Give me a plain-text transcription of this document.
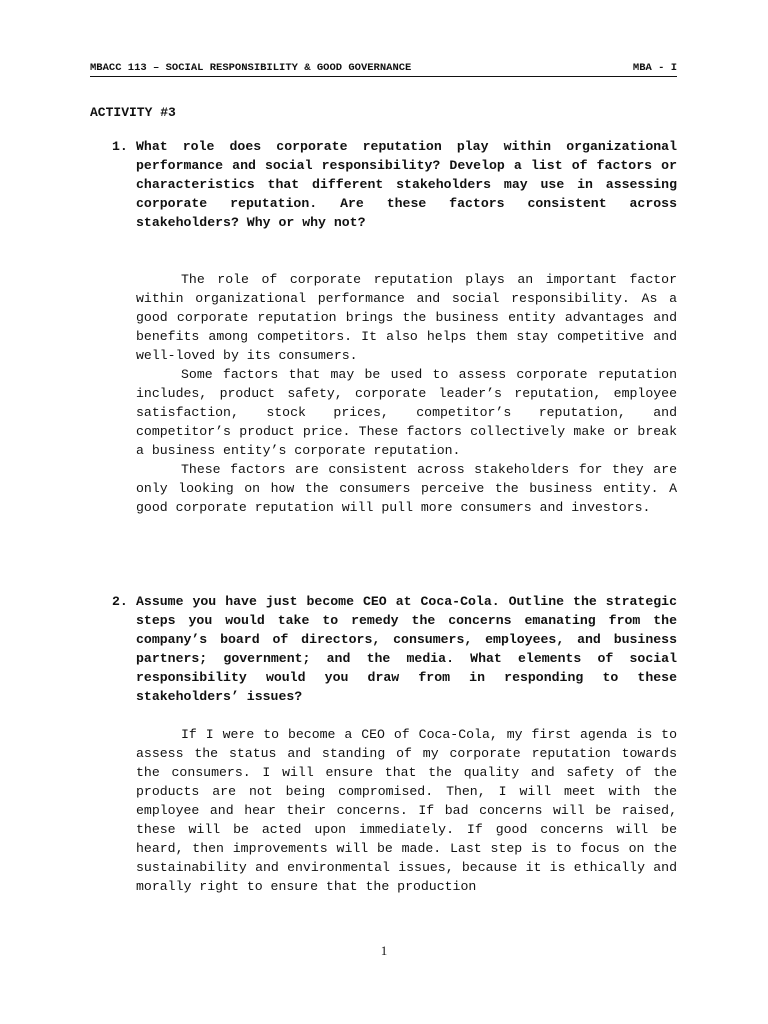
MBACC 113 – SOCIAL RESPONSIBILITY & GOOD GOVERNANCE	MBA - I
ACTIVITY #3
1. What role does corporate reputation play within organizational performance and social responsibility? Develop a list of factors or characteristics that different stakeholders may use in assessing corporate reputation. Are these factors consistent across stakeholders? Why or why not?

The role of corporate reputation plays an important factor within organizational performance and social responsibility. As a good corporate reputation brings the business entity advantages and benefits among competitors. It also helps them stay competitive and well-loved by its consumers.

Some factors that may be used to assess corporate reputation includes, product safety, corporate leader’s reputation, employee satisfaction, stock prices, competitor’s reputation, and competitor’s product price. These factors collectively make or break a business entity’s corporate reputation.

These factors are consistent across stakeholders for they are only looking on how the consumers perceive the business entity. A good corporate reputation will pull more consumers and investors.

2. Assume you have just become CEO at Coca-Cola. Outline the strategic steps you would take to remedy the concerns emanating from the company’s board of directors, consumers, employees, and business partners; government; and the media. What elements of social responsibility would you draw from in responding to these stakeholders’ issues?

If I were to become a CEO of Coca-Cola, my first agenda is to assess the status and standing of my corporate reputation towards the consumers. I will ensure that the quality and safety of the products are not being compromised. Then, I will meet with the employee and hear their concerns. If bad concerns will be raised, these will be acted upon immediately. If good concerns will be heard, then improvements will be made. Last step is to focus on the sustainability and environmental issues, because it is ethically and morally right to ensure that the production

1
